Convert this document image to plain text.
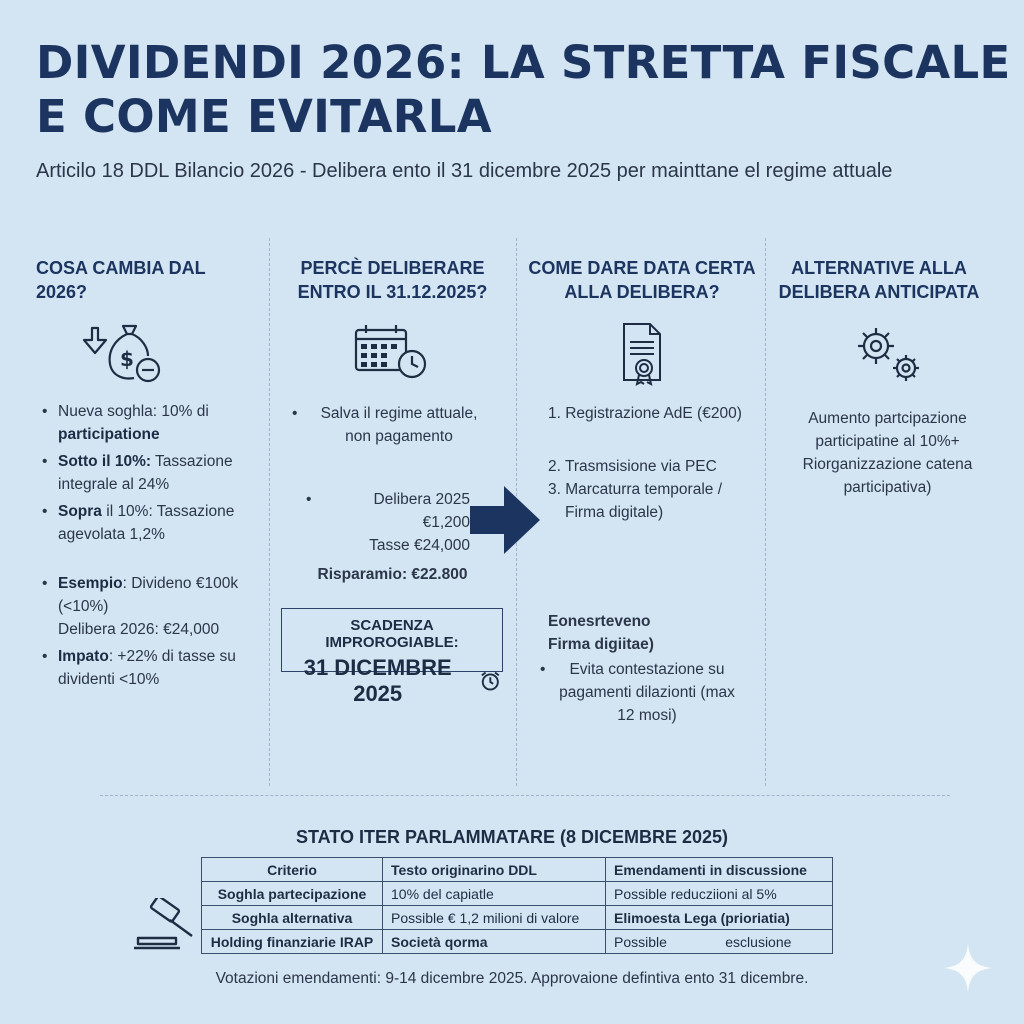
DIVIDENDI 2026: LA STRETTA FISCALE
E COME EVITARLA
Articilo 18 DDL Bilancio 2026 - Delibera ento il 31 dicembre 2025 per mainttane el regime attuale
COSA CAMBIA DAL
2026?
$
• Nueva soghla: 10% di participatione
• Sotto il 10%: Tassazione integrale al 24%
• Sopra il 10%: Tassazione agevolata 1,2%
• Esempio: Divideno €100k (<10%)
Delibera 2026: €24,000
• Impato: +22% di tasse su dividenti <10%
PERCÈ DELIBERARE
ENTRO IL 31.12.2025?
• Salva il regime attuale, non pagamento
• Delibera 2025 €1,200
Tasse €24,000
Risparamio: €22.800
SCADENZA IMPROROGIABLE:
31 DICEMBRE 2025
COME DARE DATA CERTA
ALLA DELIBERA?
1. Registrazione AdE (€200)
2. Trasmsisione via PEC
3. Marcaturra temporale /
Firma digitale)
Eonesrteveno
Firma digiitae)
• Evita contestazione su pagamenti dilazionti (max 12 mosi)
ALTERNATIVE ALLA
DELIBERA ANTICIPATA
Aumento partcipazione participatine al 10%+ Riorganizzazione catena participativa)
STATO ITER PARLAMMATARE (8 DICEMBRE 2025)
Criterio	Testo originarino DDL	Emendamenti in discussione
Soghla partecipazione	10% del capiatle	Possible reducziioni al 5%
Soghla alternativa	Possible € 1,2 milioni di valore	Elimoestа Lega (prioriatia)
Holding finanziarie IRAP	Società qorma	Possible               esclusione
Votazioni emendamenti: 9-14 dicembre 2025. Approvaione defintiva ento 31 dicembre.
